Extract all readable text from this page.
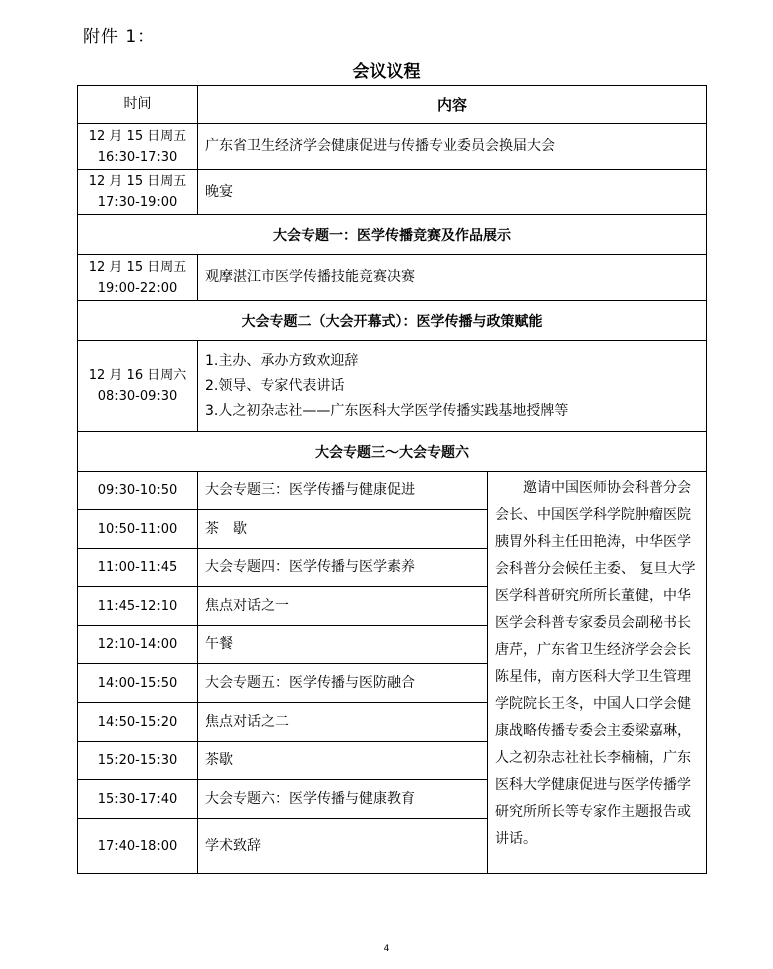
附件 1：
会议议程
时间	内容	

12 月 15 日周五
16:30-17:30	广东省卫生经济学会健康促进与传播专业委员会换届大会	

12 月 15 日周五
17:30-19:00	晚宴	
大会专题一：医学传播竞赛及作品展示		

12 月 15 日周五
19:00-22:00	观摩湛江市医学传播技能竞赛决赛	
大会专题二（大会开幕式）：医学传播与政策赋能		

12 月 16 日周六
08:30-09:30	1.主办、承办方致欢迎辞
2.领导、专家代表讲话
3.人之初杂志社——广东医科大学医学传播实践基地授牌等	

大会专题三～大会专题六		
09:30-10:50	大会专题三：医学传播与健康促进	邀请中国医师协会科普分会会长、中国医学科学院肿瘤医院胰胃外科主任田艳涛，中华医学会科普分会候任主委、 复旦大学医学科普研究所所长董健，中华医学会科普专家委员会副秘书长唐芹，广东省卫生经济学会会长陈星伟，南方医科大学卫生管理学院院长王冬，中国人口学会健康战略传播专委会主委梁嘉琳，人之初杂志社社长李楠楠，广东医科大学健康促进与医学传播学研究所所长等专家作主题报告或讲话。

10:50-11:00	茶　歇	
11:00-11:45	大会专题四：医学传播与医学素养	
11:45-12:10	焦点对话之一	
12:10-14:00	午餐	
14:00-15:50	大会专题五：医学传播与医防融合	
14:50-15:20	焦点对话之二	
15:20-15:30	茶歇	
15:30-17:40	大会专题六：医学传播与健康教育	
17:40-18:00	学术致辞	
4
